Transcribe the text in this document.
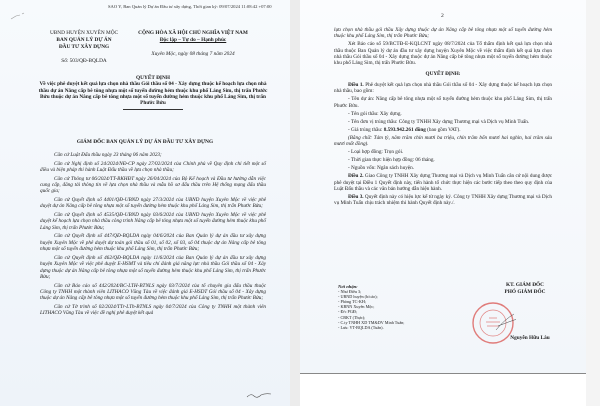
SAO Y, Ban Quản lý Dự án Đầu tư xây dựng, Thời gian ký: 09/07/2024 11:08:42 +07:00
UBND HUYỆN XUYÊN MỘC
BAN QUẢN LÝ DỰ ÁN
ĐẦU TƯ XÂY DỰNG
Số: 503/QĐ-BQLDA
CỘNG HÒA XÃ HỘI CHỦ NGHĨA VIỆT NAM
Độc lập – Tự do – Hạnh phúc
Xuyên Mộc, ngày 08 tháng 7 năm 2024
QUYẾT ĐỊNH
Về việc phê duyệt kết quả lựa chọn nhà thầu Gói thầu số 04 - Xây dựng thuộc kế hoạch lựa chọn nhà thầu dự án Nâng cấp bê tông nhựa một số tuyến đường hẻm thuộc khu phố Láng Sim, thị trấn Phước Bửu thuộc dự án Nâng cấp bê tông nhựa một số tuyến đường hẻm thuộc khu phố Láng Sim, thị trấn Phước Bửu
GIÁM ĐỐC BAN QUẢN LÝ DỰ ÁN ĐẦU TƯ XÂY DỰNG

Căn cứ Luật Đấu thầu ngày 23 tháng 06 năm 2023;

Căn cứ Nghị định số 24/2024/NĐ-CP ngày 27/02/2024 của Chính phủ về Quy định chi tiết một số điều và biện pháp thi hành Luật Đấu thầu về lựa chọn nhà thầu;

Căn cứ Thông tư 06/2024/TT-BKHĐT ngày 26/04/2024 của Bộ Kế hoạch và Đầu tư hướng dẫn việc cung cấp, đăng tải thông tin về lựa chọn nhà thầu và mẫu hồ sơ đấu thầu trên Hệ thống mạng đấu thầu quốc gia;

Căn cứ Quyết định số 4401/QĐ-UBND ngày 27/3/2024 của UBND huyện Xuyên Mộc về việc phê duyệt dự án Nâng cấp bê tông nhựa một số tuyến đường hẻm thuộc khu phố Láng Sim, thị trấn Phước Bửu;

Căn cứ Quyết định số 4535/QĐ-UBND ngày 03/6/2024 của UBND huyện Xuyên Mộc về việc phê duyệt kế hoạch lựa chọn nhà thầu công trình Nâng cấp bê tông nhựa một số tuyến đường hẻm thuộc khu phố Láng Sim, thị trấn Phước Bửu;

Căn cứ Quyết định số 447/QĐ-BQLDA ngày 04/6/2024 của Ban Quản lý dự án đầu tư xây dựng huyện Xuyên Mộc về phê duyệt dự toán gói thầu số 01, số 02, số 03, số 04 thuộc dự án Nâng cấp bê tông nhựa một số tuyến đường hẻm thuộc khu phố Láng Sim, thị trấn Phước Bửu;

Căn cứ Quyết định số 462/QĐ-BQLDA ngày 11/6/2024 của Ban Quản lý dự án đầu tư xây dựng huyện Xuyên Mộc về việc phê duyệt E-HSMT và tiêu chí đánh giá năng lực nhà thầu Gói thầu số 04 - Xây dựng thuộc dự án Nâng cấp bê tông nhựa một số tuyến đường hẻm thuộc khu phố Láng Sim, thị trấn Phước Bửu;

Căn cứ Báo cáo số 442/2024/BC-LTH-BTNLS ngày 03/7/2024 của tổ chuyên gia đấu thầu thuộc Công ty TNHH một thành viên LITHACO Vũng Tàu về việc đánh giá E-HSDT Gói thầu số 04 - Xây dựng thuộc dự án Nâng cấp bê tông nhựa một số tuyến đường hẻm thuộc khu phố Láng Sim, thị trấn Phước Bửu;

Căn cứ Tờ trình số 02/2024/TTr-LTh-BTNLS ngày 04/7/2024 của Công ty TNHH một thành viên LITHACO Vũng Tàu về việc đề nghị phê duyệt kết quả

2

lựa chọn nhà thầu gói thầu Xây dựng thuộc dự án Nâng cấp bê tông nhựa một số tuyến đường hẻm thuộc khu phố Láng Sim, thị trấn Phước Bửu;

Xét Báo cáo số 59/BCTĐ-E-KQLCNT ngày 08/7/2024 của Tổ thẩm định kết quả lựa chọn nhà thầu thuộc Ban Quản lý dự án đầu tư xây dựng huyện Xuyên Mộc về việc thẩm định kết quả lựa chọn nhà thầu Gói thầu số 04 - Xây dựng thuộc dự án Nâng cấp bê tông nhựa một số tuyến đường hẻm thuộc khu phố Láng Sim, thị trấn Phước Bửu.

QUYẾT ĐỊNH:

Điều 1. Phê duyệt kết quả lựa chọn nhà thầu Gói thầu số 04 - Xây dựng thuộc kế hoạch lựa chọn nhà thầu, bao gồm:

- Tên dự án: Nâng cấp bê tông nhựa một số tuyến đường hẻm thuộc khu phố Láng Sim, thị trấn Phước Bửu.

- Tên gói thầu: Xây dựng.

- Tên đơn vị trúng thầu: Công ty TNHH Xây dựng Thương mại và Dịch vụ Minh Tuấn.

- Giá trúng thầu: 8.593.942.261 đồng (bao gồm VAT).

(Bằng chữ: Tám tỷ, năm trăm chín mươi ba triệu, chín trăm bốn mươi hai nghìn, hai trăm sáu mươi mốt đồng).

- Loại hợp đồng: Trọn gói.

- Thời gian thực hiện hợp đồng: 06 tháng.

- Nguồn vốn: Ngân sách huyện.

Điều 2. Giao Công ty TNHH Xây dựng Thương mại và Dịch vụ Minh Tuấn căn cứ nội dung được phê duyệt tại Điều 1 Quyết định này, tiến hành tổ chức thực hiện các bước tiếp theo theo quy định của Luật Đấu thầu và các văn bản hướng dẫn hiện hành.

Điều 3. Quyết định này có hiệu lực kể từ ngày ký. Công ty TNHH Xây dựng Thương mại và Dịch vụ Minh Tuấn chịu trách nhiệm thi hành Quyết định này./.

Nơi nhận:
- Như Điều 3;
- UBND huyện (b/cáo);
- Phòng TC-KH;
- KBNN Xuyên Mộc;
- Đ/c PGĐ;
- CBKT (Thực);
- C.ty TNHH XD TM&DV Minh Tuấn;
- Lưu: VT-BQLDA (Tuấn).
KT. GIÁM ĐỐC
PHÓ GIÁM ĐỐC
Nguyễn Hữu Lâu
